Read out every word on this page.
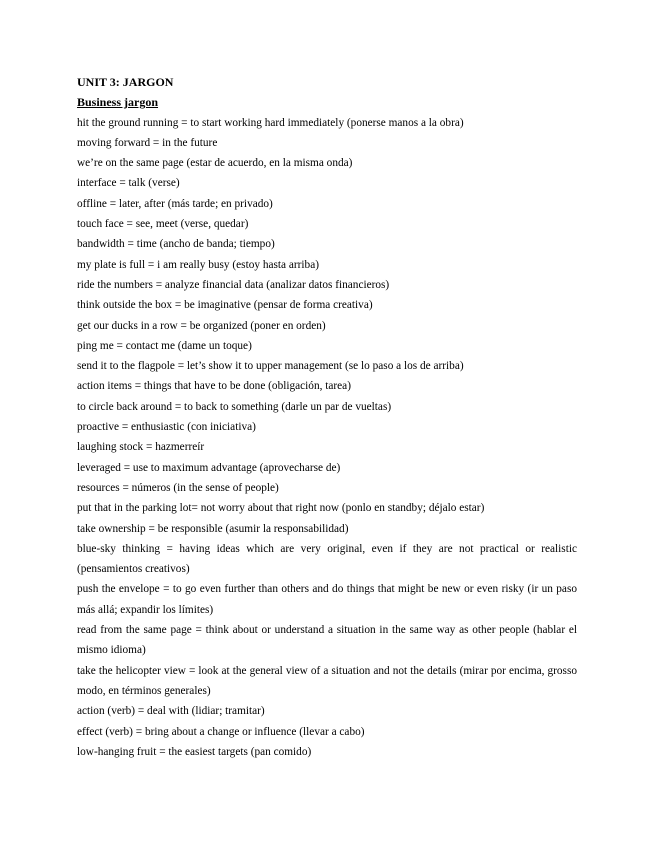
UNIT 3: JARGON
Business jargon

hit the ground running = to start working hard immediately (ponerse manos a la obra)

moving forward = in the future

we’re on the same page (estar de acuerdo, en la misma onda)

interface = talk (verse)

offline = later, after (más tarde; en privado)

touch face = see, meet (verse, quedar)

bandwidth = time (ancho de banda; tiempo)

my plate is full = i am really busy (estoy hasta arriba)

ride the numbers = analyze financial data (analizar datos financieros)

think outside the box = be imaginative (pensar de forma creativa)

get our ducks in a row = be organized (poner en orden)

ping me = contact me (dame un toque)

send it to the flagpole = let’s show it to upper management (se lo paso a los de arriba)

action items = things that have to be done (obligación, tarea)

to circle back around = to back to something (darle un par de vueltas)

proactive = enthusiastic (con iniciativa)

laughing stock = hazmerreír

leveraged = use to maximum advantage (aprovecharse de)

resources = números (in the sense of people)

put that in the parking lot= not worry about that right now (ponlo en standby; déjalo estar)

take ownership = be responsible (asumir la responsabilidad)

blue-sky thinking = having ideas which are very original, even if they are not practical or realistic (pensamientos creativos)

push the envelope = to go even further than others and do things that might be new or even risky (ir un paso más allá; expandir los límites)

read from the same page = think about or understand a situation in the same way as other people (hablar el mismo idioma)

take the helicopter view = look at the general view of a situation and not the details (mirar por encima, grosso modo, en términos generales)

action (verb) = deal with (lidiar; tramitar)

effect (verb) = bring about a change or influence (llevar a cabo)

low-hanging fruit = the easiest targets (pan comido)
